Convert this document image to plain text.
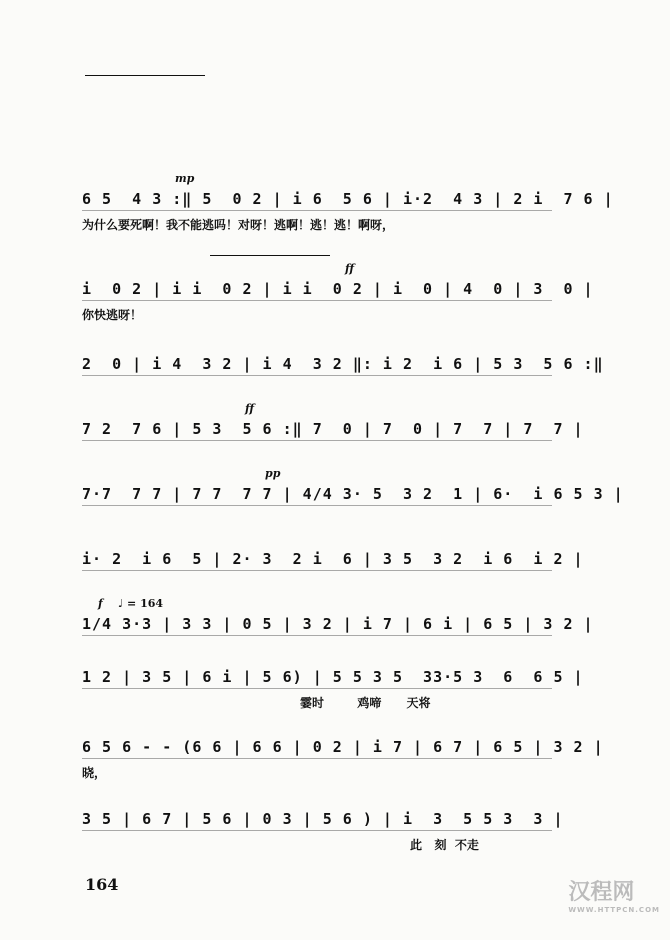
mp
6 5  4 3 :‖ 5  0 2 | i 6  5 6 | i·2  4 3 | 2 i  7 6 |
为什么要死啊！我不能逃吗！对呀！逃啊！逃！逃！啊呀，
ff
i  0 2 | i i  0 2 | i i  0 2 | i  0 | 4  0 | 3  0 |
你快逃呀！
2  0 | i 4  3 2 | i 4  3 2 ‖: i 2  i 6 | 5 3  5 6 :‖
ff
7 2  7 6 | 5 3  5 6 :‖ 7  0 | 7  0 | 7  7 | 7  7 |
pp
7·7  7 7 | 7 7  7 7 | 4/4 3· 5  3 2  1 | 6·  i 6 5 3 |
i· 2  i 6  5 | 2· 3  2 i  6 | 3 5  3 2  i 6  i 2 |
f ♩ = 164
1/4 3·3 | 3 3 | 0 5 | 3 2 | i 7 | 6 i | 6 5 | 3 2 |
1 2 | 3 5 | 6 i | 5 6) | 5 5 3 5  33·5 3  6  6 5 |
霎时        鸡啼      天将
6 5 6 - - (6 6 | 6 6 | 0 2 | i 7 | 6 7 | 6 5 | 3 2 |
晓，
3 5 | 6 7 | 5 6 | 0 3 | 5 6 ) | i  3  5 5 3  3 |
此   刻  不走
164	汉程网
WWW.HTTPCN.COM
